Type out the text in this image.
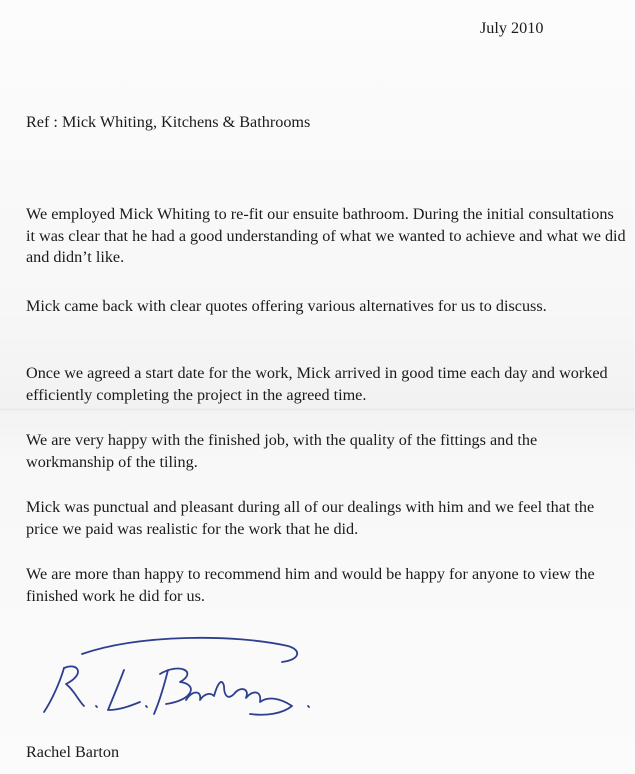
July 2010
Ref : Mick Whiting, Kitchens & Bathrooms

We employed Mick Whiting to re-fit our ensuite bathroom. During the initial consultations it was clear that he had a good understanding of what we wanted to achieve and what we did and didn’t like.

Mick came back with clear quotes offering various alternatives for us to discuss.

Once we agreed a start date for the work, Mick arrived in good time each day and worked efficiently completing the project in the agreed time.

We are very happy with the finished job, with the quality of the fittings and the workmanship of the tiling.

Mick was punctual and pleasant during all of our dealings with him and we feel that the price we paid was realistic for the work that he did.

We are more than happy to recommend him and would be happy for anyone to view the finished work he did for us.

Rachel Barton
